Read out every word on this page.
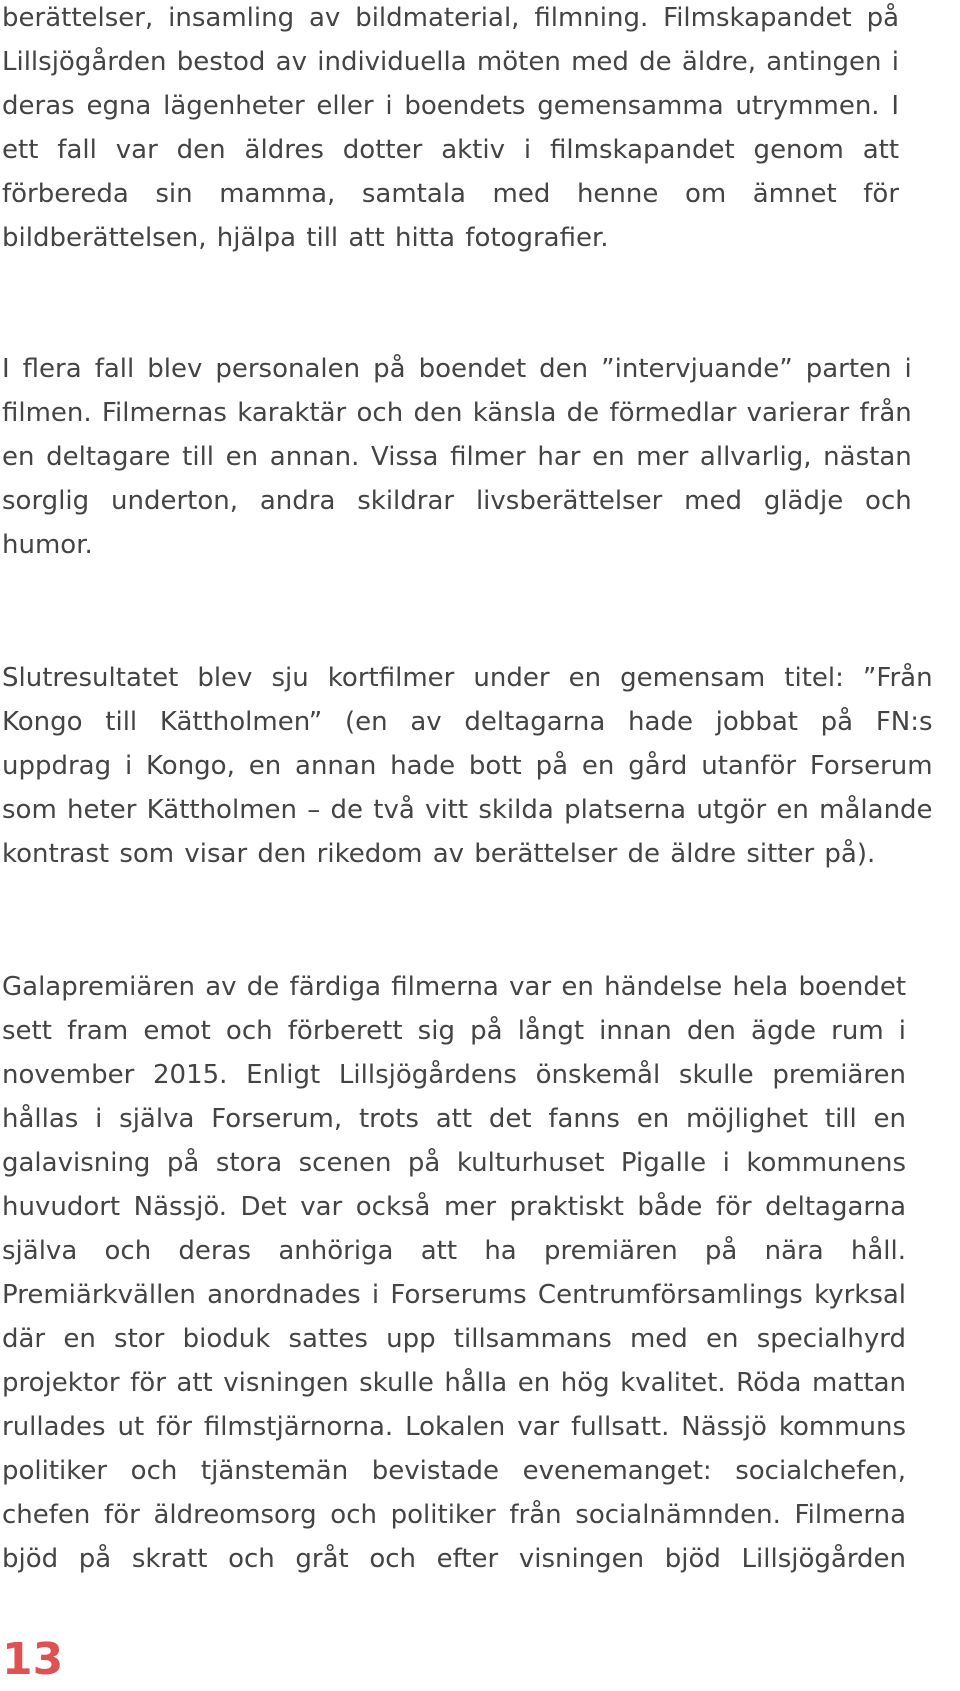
berättelser, insamling av bildmaterial, filmning. Filmskapandet på
Lillsjögården bestod av individuella möten med de äldre, antingen i
deras egna lägenheter eller i boendets gemensamma utrymmen. I
ett fall var den äldres dotter aktiv i filmskapandet genom att
förbereda sin mamma, samtala med henne om ämnet för
bildberättelsen, hjälpa till att hitta fotografier.

I flera fall blev personalen på boendet den ”intervjuande” parten i
filmen. Filmernas karaktär och den känsla de förmedlar varierar från
en deltagare till en annan. Vissa filmer har en mer allvarlig, nästan
sorglig underton, andra skildrar livsberättelser med glädje och
humor.

Slutresultatet blev sju kortfilmer under en gemensam titel: ”Från
Kongo till Kättholmen” (en av deltagarna hade jobbat på FN:s
uppdrag i Kongo, en annan hade bott på en gård utanför Forserum
som heter Kättholmen – de två vitt skilda platserna utgör en målande
kontrast som visar den rikedom av berättelser de äldre sitter på).

Galapremiären av de färdiga filmerna var en händelse hela boendet
sett fram emot och förberett sig på långt innan den ägde rum i
november 2015. Enligt Lillsjögårdens önskemål skulle premiären
hållas i själva Forserum, trots att det fanns en möjlighet till en
galavisning på stora scenen på kulturhuset Pigalle i kommunens
huvudort Nässjö. Det var också mer praktiskt både för deltagarna
själva och deras anhöriga att ha premiären på nära håll.
Premiärkvällen anordnades i Forserums Centrumförsamlings kyrksal
där en stor bioduk sattes upp tillsammans med en specialhyrd
projektor för att visningen skulle hålla en hög kvalitet. Röda mattan
rullades ut för filmstjärnorna. Lokalen var fullsatt. Nässjö kommuns
politiker och tjänstemän bevistade evenemanget: socialchefen,
chefen för äldreomsorg och politiker från socialnämnden. Filmerna
bjöd på skratt och gråt och efter visningen bjöd Lillsjögården

13
